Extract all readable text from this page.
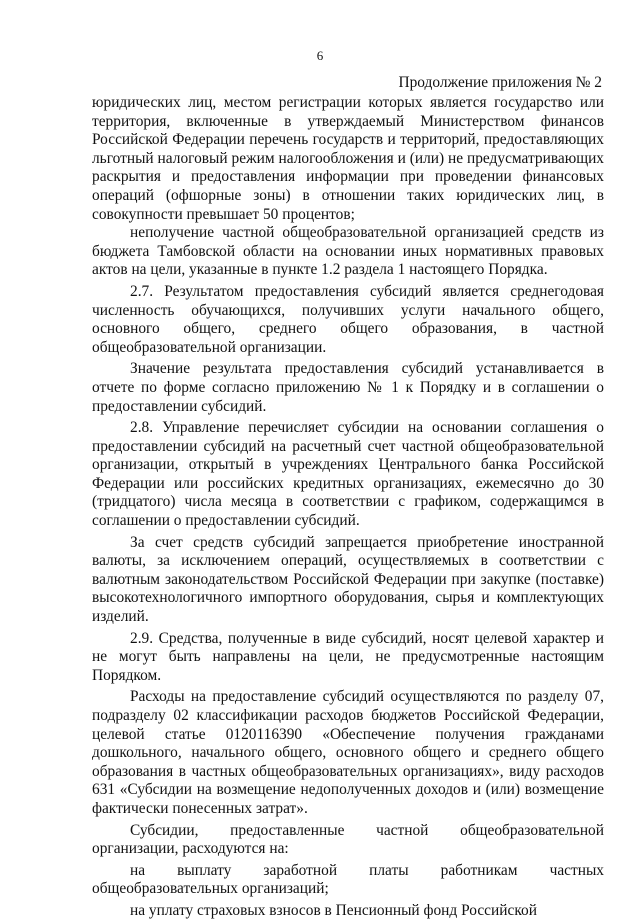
6
Продолжение приложения № 2

юридических лиц, местом регистрации которых является государство или территория, включенные в утверждаемый Министерством финансов Российской Федерации перечень государств и территорий, предоставляющих льготный налоговый режим налогообложения и (или) не предусматривающих раскрытия и предоставления информации при проведении финансовых операций (офшорные зоны) в отношении таких юридических лиц, в совокупности превышает 50 процентов;

неполучение частной общеобразовательной организацией средств из бюджета Тамбовской области на основании иных нормативных правовых актов на цели, указанные в пункте 1.2 раздела 1 настоящего Порядка.

2.7. Результатом предоставления субсидий является среднегодовая численность обучающихся, получивших услуги начального общего, основного общего, среднего общего образования, в частной общеобразовательной организации.

Значение результата предоставления субсидий устанавливается в отчете по форме согласно приложению № 1 к Порядку и в соглашении о предоставлении субсидий.

2.8. Управление перечисляет субсидии на основании соглашения о предоставлении субсидий на расчетный счет частной общеобразовательной организации, открытый в учреждениях Центрального банка Российской Федерации или российских кредитных организациях, ежемесячно до 30 (тридцатого) числа месяца в соответствии с графиком, содержащимся в соглашении о предоставлении субсидий.

За счет средств субсидий запрещается приобретение иностранной валюты, за исключением операций, осуществляемых в соответствии с валютным законодательством Российской Федерации при закупке (поставке) высокотехнологичного импортного оборудования, сырья и комплектующих изделий.

2.9. Средства, полученные в виде субсидий, носят целевой характер и не могут быть направлены на цели, не предусмотренные настоящим Порядком.

Расходы на предоставление субсидий осуществляются по разделу 07, подразделу 02 классификации расходов бюджетов Российской Федерации, целевой статье 0120116390 «Обеспечение получения гражданами дошкольного, начального общего, основного общего и среднего общего образования в частных общеобразовательных организациях», виду расходов 631 «Субсидии на возмещение недополученных доходов и (или) возмещение фактически понесенных затрат».

Субсидии, предоставленные частной общеобразовательной организации, расходуются на:

на выплату заработной платы работникам частных общеобразовательных организаций;

на уплату страховых взносов в Пенсионный фонд Российской
